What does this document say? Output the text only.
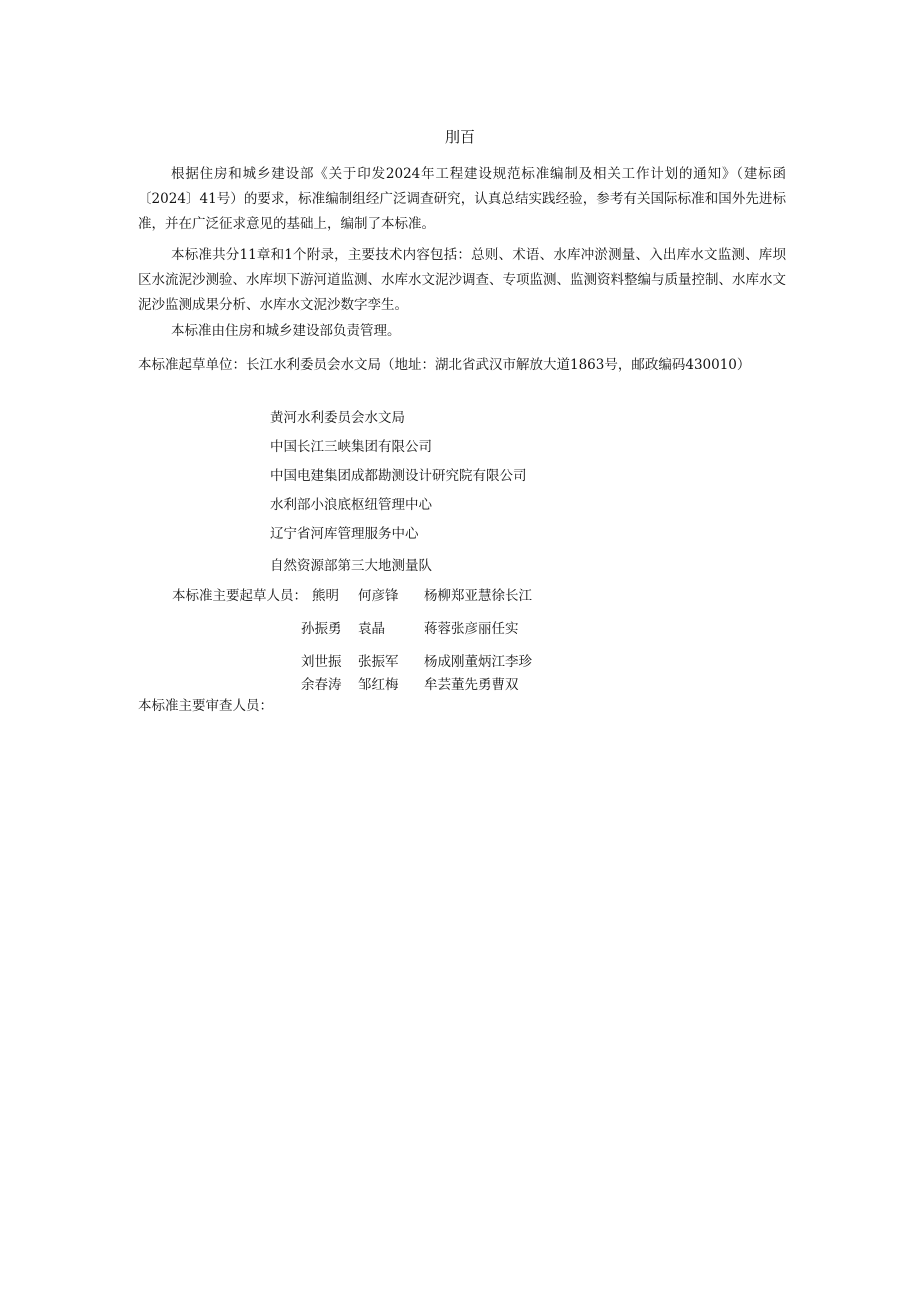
刖百
根据住房和城乡建设部《关于印发2024年工程建设规范标准编制及相关工作计划的通知》（建标函〔2024〕41号）的要求，标准编制组经广泛调查研究，认真总结实践经验，参考有关国际标准和国外先进标准，并在广泛征求意见的基础上，编制了本标准。
本标准共分11章和1个附录，主要技术内容包括：总则、术语、水库冲淤测量、入出库水文监测、库坝区水流泥沙测验、水库坝下游河道监测、水库水文泥沙调查、专项监测、监测资料整编与质量控制、水库水文泥沙监测成果分析、水库水文泥沙数字孪生。
本标准由住房和城乡建设部负责管理。
本标准起草单位：长江水利委员会水文局（地址：湖北省武汉市解放大道1863号，邮政编码430010）
黄河水利委员会水文局
中国长江三峡集团有限公司
中国电建集团成都勘测设计研究院有限公司
水利部小浪底枢纽管理中心
辽宁省河库管理服务中心
自然资源部第三大地测量队
本标准主要起草人员： 熊明 何彦锋 杨柳郑亚慧徐长江
孙振勇 袁晶	蒋蓉张彦丽任实
刘世振 张振军 杨成刚董炳江李珍
余春涛 邹红梅 牟芸董先勇曹双
本标准主要审查人员：
